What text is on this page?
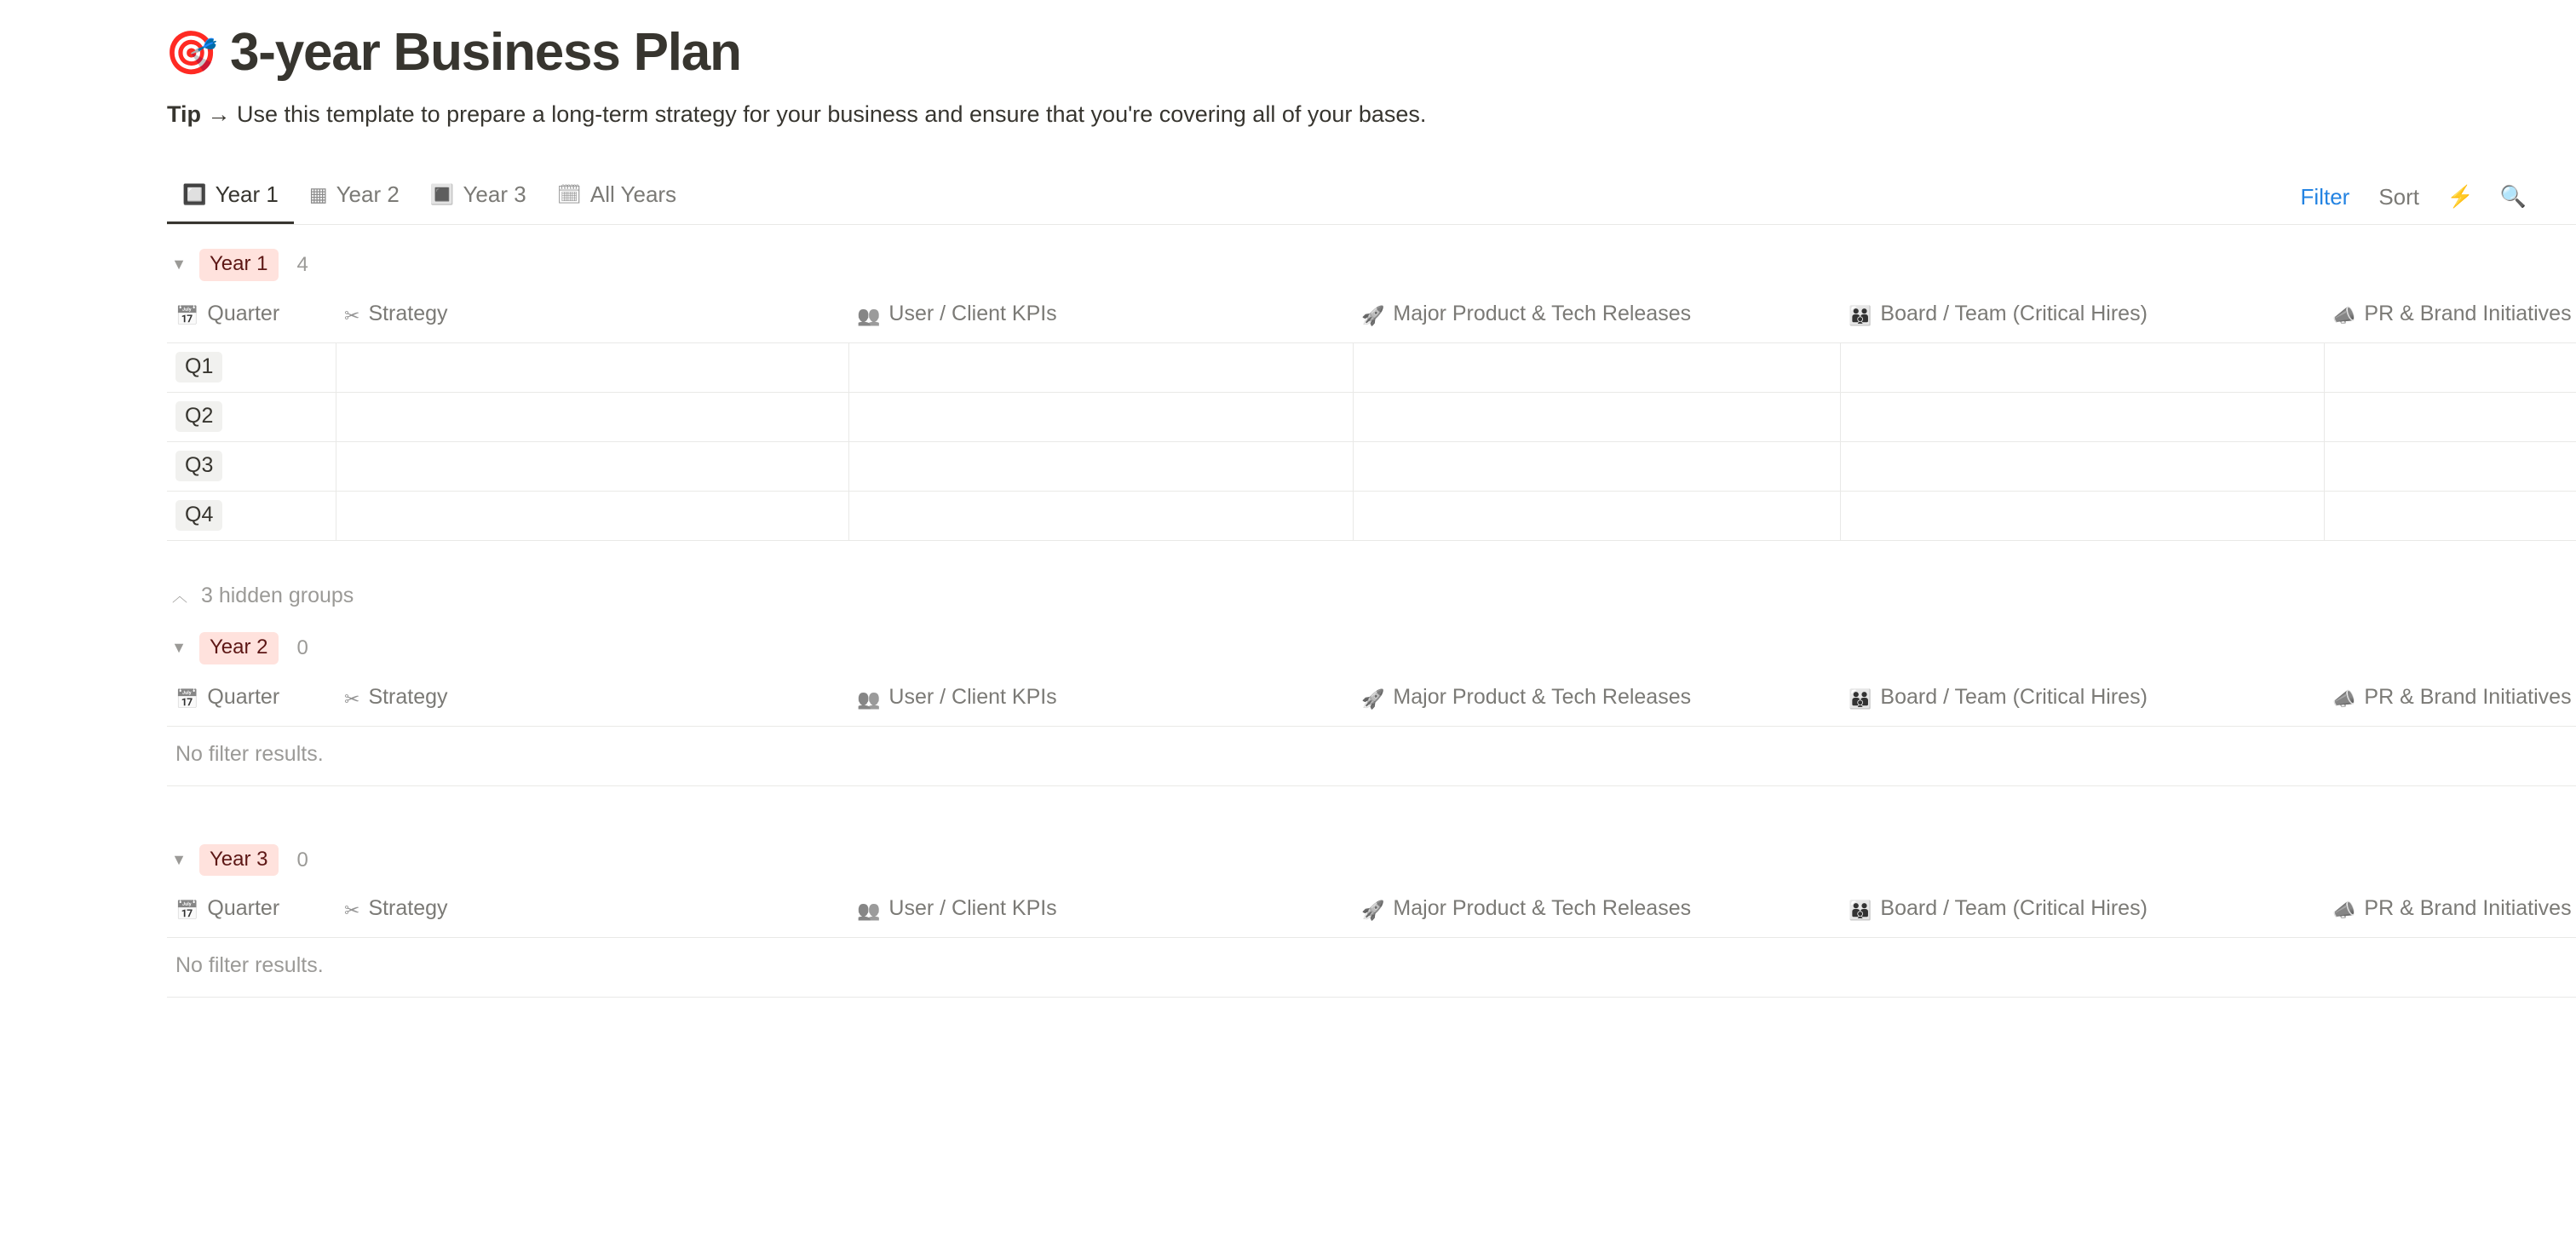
🎯 3-year Business Plan
Tip → Use this template to prepare a long-term strategy for your business and ensure that you're covering all of your bases.
🔲 Year 1 ▦ Year 2 🔳 Year 3 🗓 All Years	Filter Sort ⚡ 🔍
▼	Year 1	4
📅 Quarter	✂ Strategy	👥 User / Client KPIs	🚀 Major Product & Tech Releases	👪 Board / Team (Critical Hires)	📣 PR & Brand Initiatives
Q1					
Q2					
Q3					
Q4					
︿ 3 hidden groups
▼	Year 2	0
📅 Quarter	✂ Strategy	👥 User / Client KPIs	🚀 Major Product & Tech Releases	👪 Board / Team (Critical Hires)	📣 PR & Brand Initiatives
No filter results.
▼	Year 3	0
📅 Quarter	✂ Strategy	👥 User / Client KPIs	🚀 Major Product & Tech Releases	👪 Board / Team (Critical Hires)	📣 PR & Brand Initiatives
No filter results.
